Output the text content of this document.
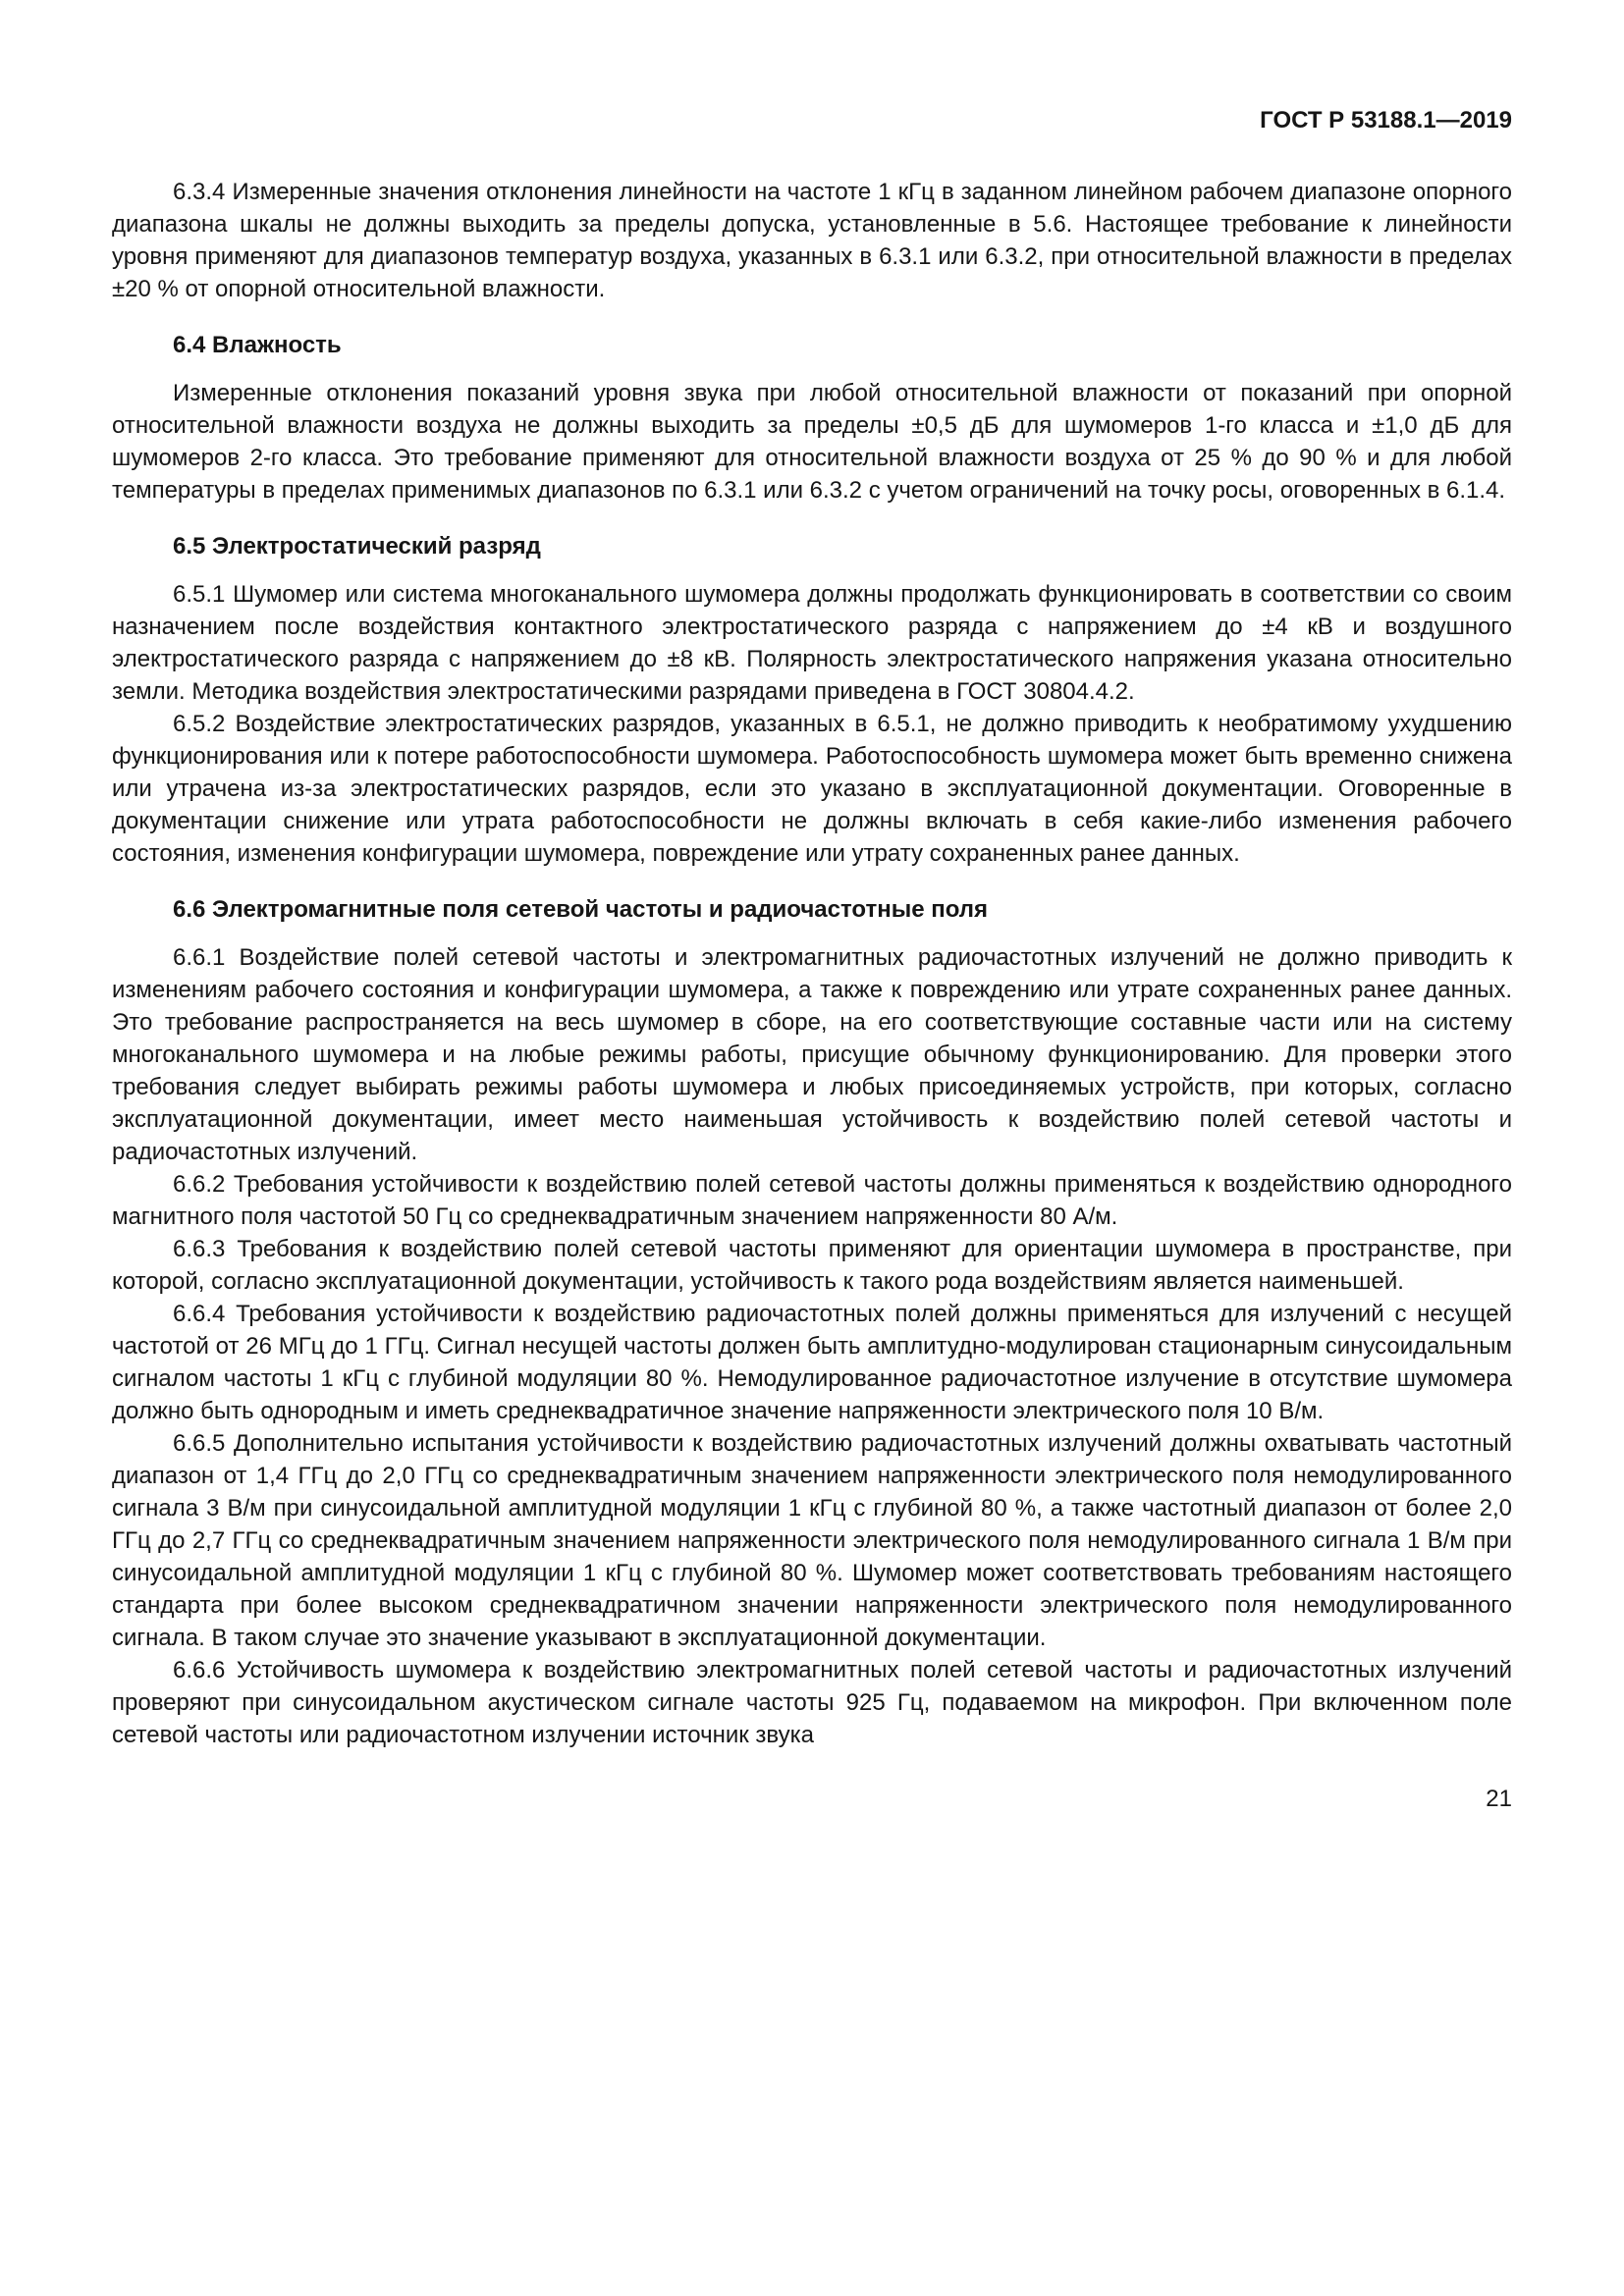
ГОСТ Р 53188.1—2019

6.3.4 Измеренные значения отклонения линейности на частоте 1 кГц в заданном линейном рабочем диапазоне опорного диапазона шкалы не должны выходить за пределы допуска, установленные в 5.6. Настоящее требование к линейности уровня применяют для диапазонов температур воздуха, указанных в 6.3.1 или 6.3.2, при относительной влажности в пределах ±20 % от опорной относительной влажности.

6.4 Влажность

Измеренные отклонения показаний уровня звука при любой относительной влажности от показаний при опорной относительной влажности воздуха не должны выходить за пределы ±0,5 дБ для шумомеров 1-го класса и ±1,0 дБ для шумомеров 2-го класса. Это требование применяют для относительной влажности воздуха от 25 % до 90 % и для любой температуры в пределах применимых диапазонов по 6.3.1 или 6.3.2 с учетом ограничений на точку росы, оговоренных в 6.1.4.

6.5 Электростатический разряд

6.5.1 Шумомер или система многоканального шумомера должны продолжать функционировать в соответствии со своим назначением после воздействия контактного электростатического разряда с напряжением до ±4 кВ и воздушного электростатического разряда с напряжением до ±8 кВ. Полярность электростатического напряжения указана относительно земли. Методика воздействия электростатическими разрядами приведена в ГОСТ 30804.4.2.

6.5.2 Воздействие электростатических разрядов, указанных в 6.5.1, не должно приводить к необратимому ухудшению функционирования или к потере работоспособности шумомера. Работоспособность шумомера может быть временно снижена или утрачена из-за электростатических разрядов, если это указано в эксплуатационной документации. Оговоренные в документации снижение или утрата работоспособности не должны включать в себя какие-либо изменения рабочего состояния, изменения конфигурации шумомера, повреждение или утрату сохраненных ранее данных.

6.6 Электромагнитные поля сетевой частоты и радиочастотные поля

6.6.1 Воздействие полей сетевой частоты и электромагнитных радиочастотных излучений не должно приводить к изменениям рабочего состояния и конфигурации шумомера, а также к повреждению или утрате сохраненных ранее данных. Это требование распространяется на весь шумомер в сборе, на его соответствующие составные части или на систему многоканального шумомера и на любые режимы работы, присущие обычному функционированию. Для проверки этого требования следует выбирать режимы работы шумомера и любых присоединяемых устройств, при которых, согласно эксплуатационной документации, имеет место наименьшая устойчивость к воздействию полей сетевой частоты и радиочастотных излучений.

6.6.2 Требования устойчивости к воздействию полей сетевой частоты должны применяться к воздействию однородного магнитного поля частотой 50 Гц со среднеквадратичным значением напряженности 80 А/м.

6.6.3 Требования к воздействию полей сетевой частоты применяют для ориентации шумомера в пространстве, при которой, согласно эксплуатационной документации, устойчивость к такого рода воздействиям является наименьшей.

6.6.4 Требования устойчивости к воздействию радиочастотных полей должны применяться для излучений с несущей частотой от 26 МГц до 1 ГГц. Сигнал несущей частоты должен быть амплитудно-модулирован стационарным синусоидальным сигналом частоты 1 кГц с глубиной модуляции 80 %. Немодулированное радиочастотное излучение в отсутствие шумомера должно быть однородным и иметь среднеквадратичное значение напряженности электрического поля 10 В/м.

6.6.5 Дополнительно испытания устойчивости к воздействию радиочастотных излучений должны охватывать частотный диапазон от 1,4 ГГц до 2,0 ГГц со среднеквадратичным значением напряженности электрического поля немодулированного сигнала 3 В/м при синусоидальной амплитудной модуляции 1 кГц с глубиной 80 %, а также частотный диапазон от более 2,0 ГГц до 2,7 ГГц со среднеквадратичным значением напряженности электрического поля немодулированного сигнала 1 В/м при синусоидальной амплитудной модуляции 1 кГц с глубиной 80 %. Шумомер может соответствовать требованиям настоящего стандарта при более высоком среднеквадратичном значении напряженности электрического поля немодулированного сигнала. В таком случае это значение указывают в эксплуатационной документации.

6.6.6 Устойчивость шумомера к воздействию электромагнитных полей сетевой частоты и радиочастотных излучений проверяют при синусоидальном акустическом сигнале частоты 925 Гц, подаваемом на микрофон. При включенном поле сетевой частоты или радиочастотном излучении источник звука

21
